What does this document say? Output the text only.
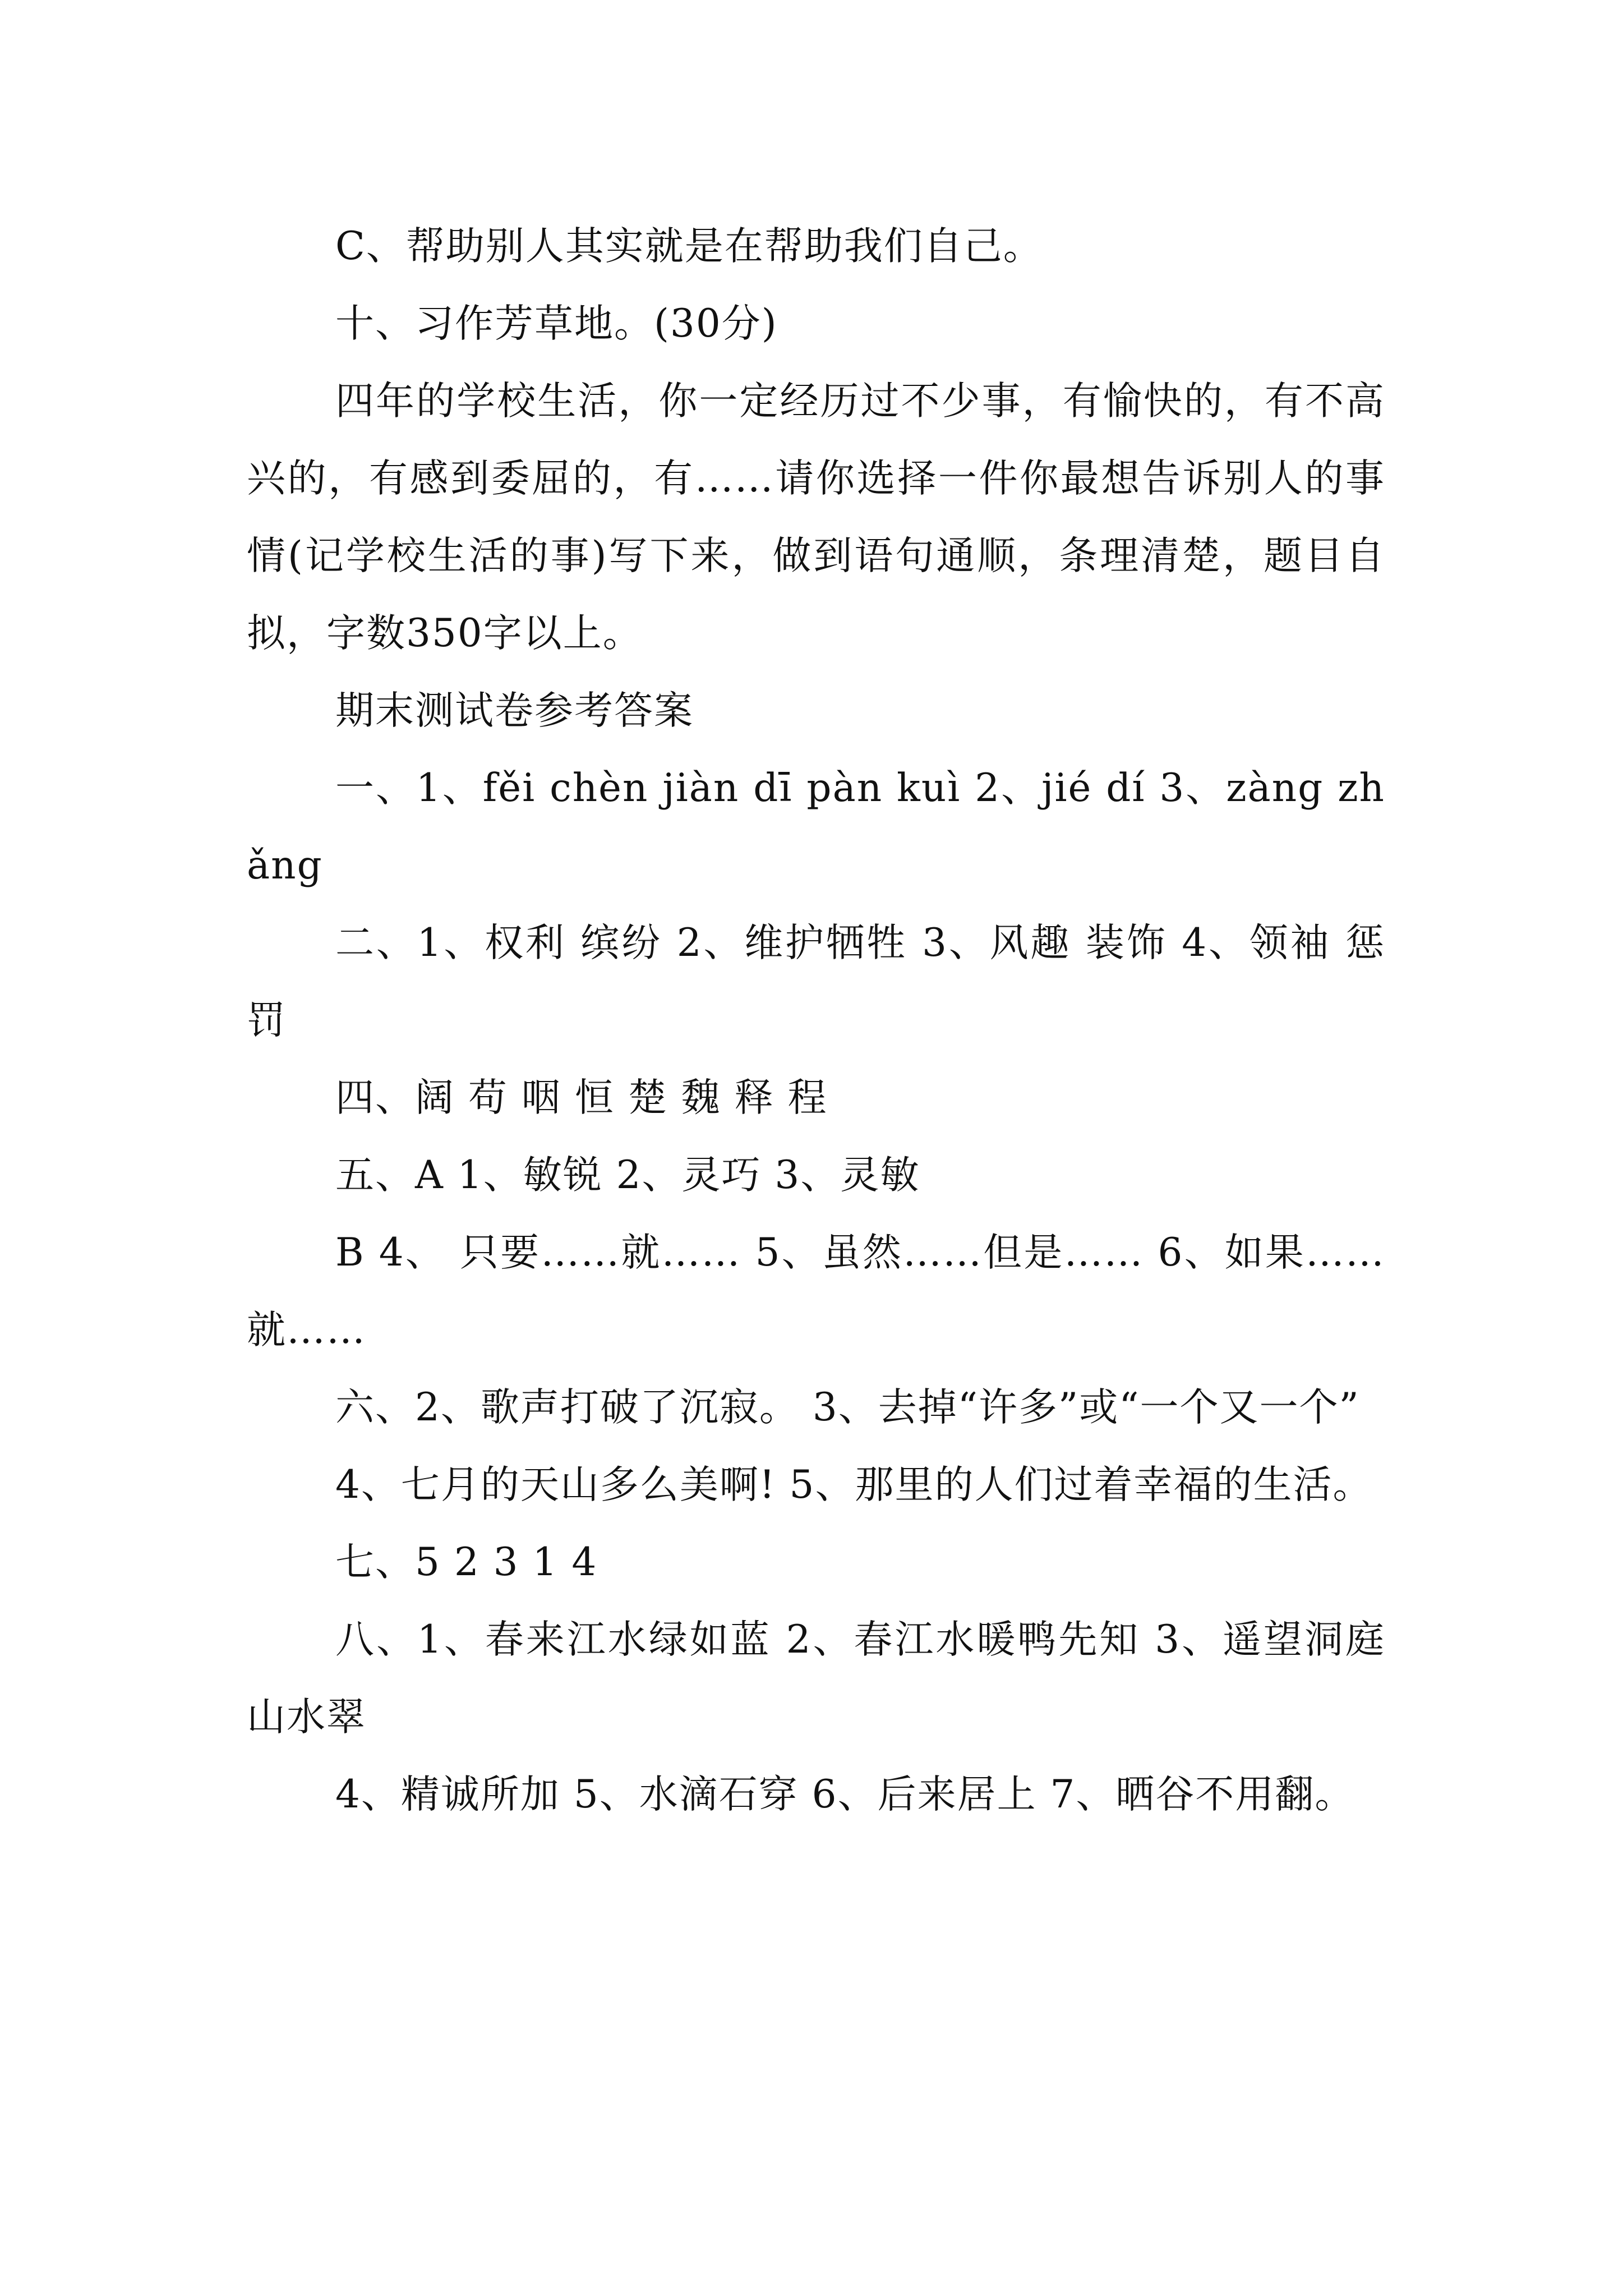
C、帮助别人其实就是在帮助我们自己。

十、习作芳草地。(30分)

四年的学校生活，你一定经历过不少事，有愉快的，有不高兴的，有感到委屈的，有……请你选择一件你最想告诉别人的事情(记学校生活的事)写下来，做到语句通顺，条理清楚，题目自拟，字数350字以上。

期末测试卷参考答案

一、1、fěi chèn jiàn dī pàn kuì 2、jié dí 3、zàng zhǎng

二、1、权利 缤纷 2、维护牺牲 3、风趣 装饰 4、领袖 惩罚

四、阔 苟 咽 恒 楚 魏 释 程

五、A 1、敏锐 2、灵巧 3、灵敏

B 4、 只要……就…… 5、虽然……但是…… 6、如果……就……

六、2、歌声打破了沉寂。 3、去掉“许多”或“一个又一个”

4、七月的天山多么美啊! 5、那里的人们过着幸福的生活。

七、5 2 3 1 4

八、1、春来江水绿如蓝 2、春江水暖鸭先知 3、遥望洞庭山水翠

4、精诚所加 5、水滴石穿 6、后来居上 7、晒谷不用翻。
